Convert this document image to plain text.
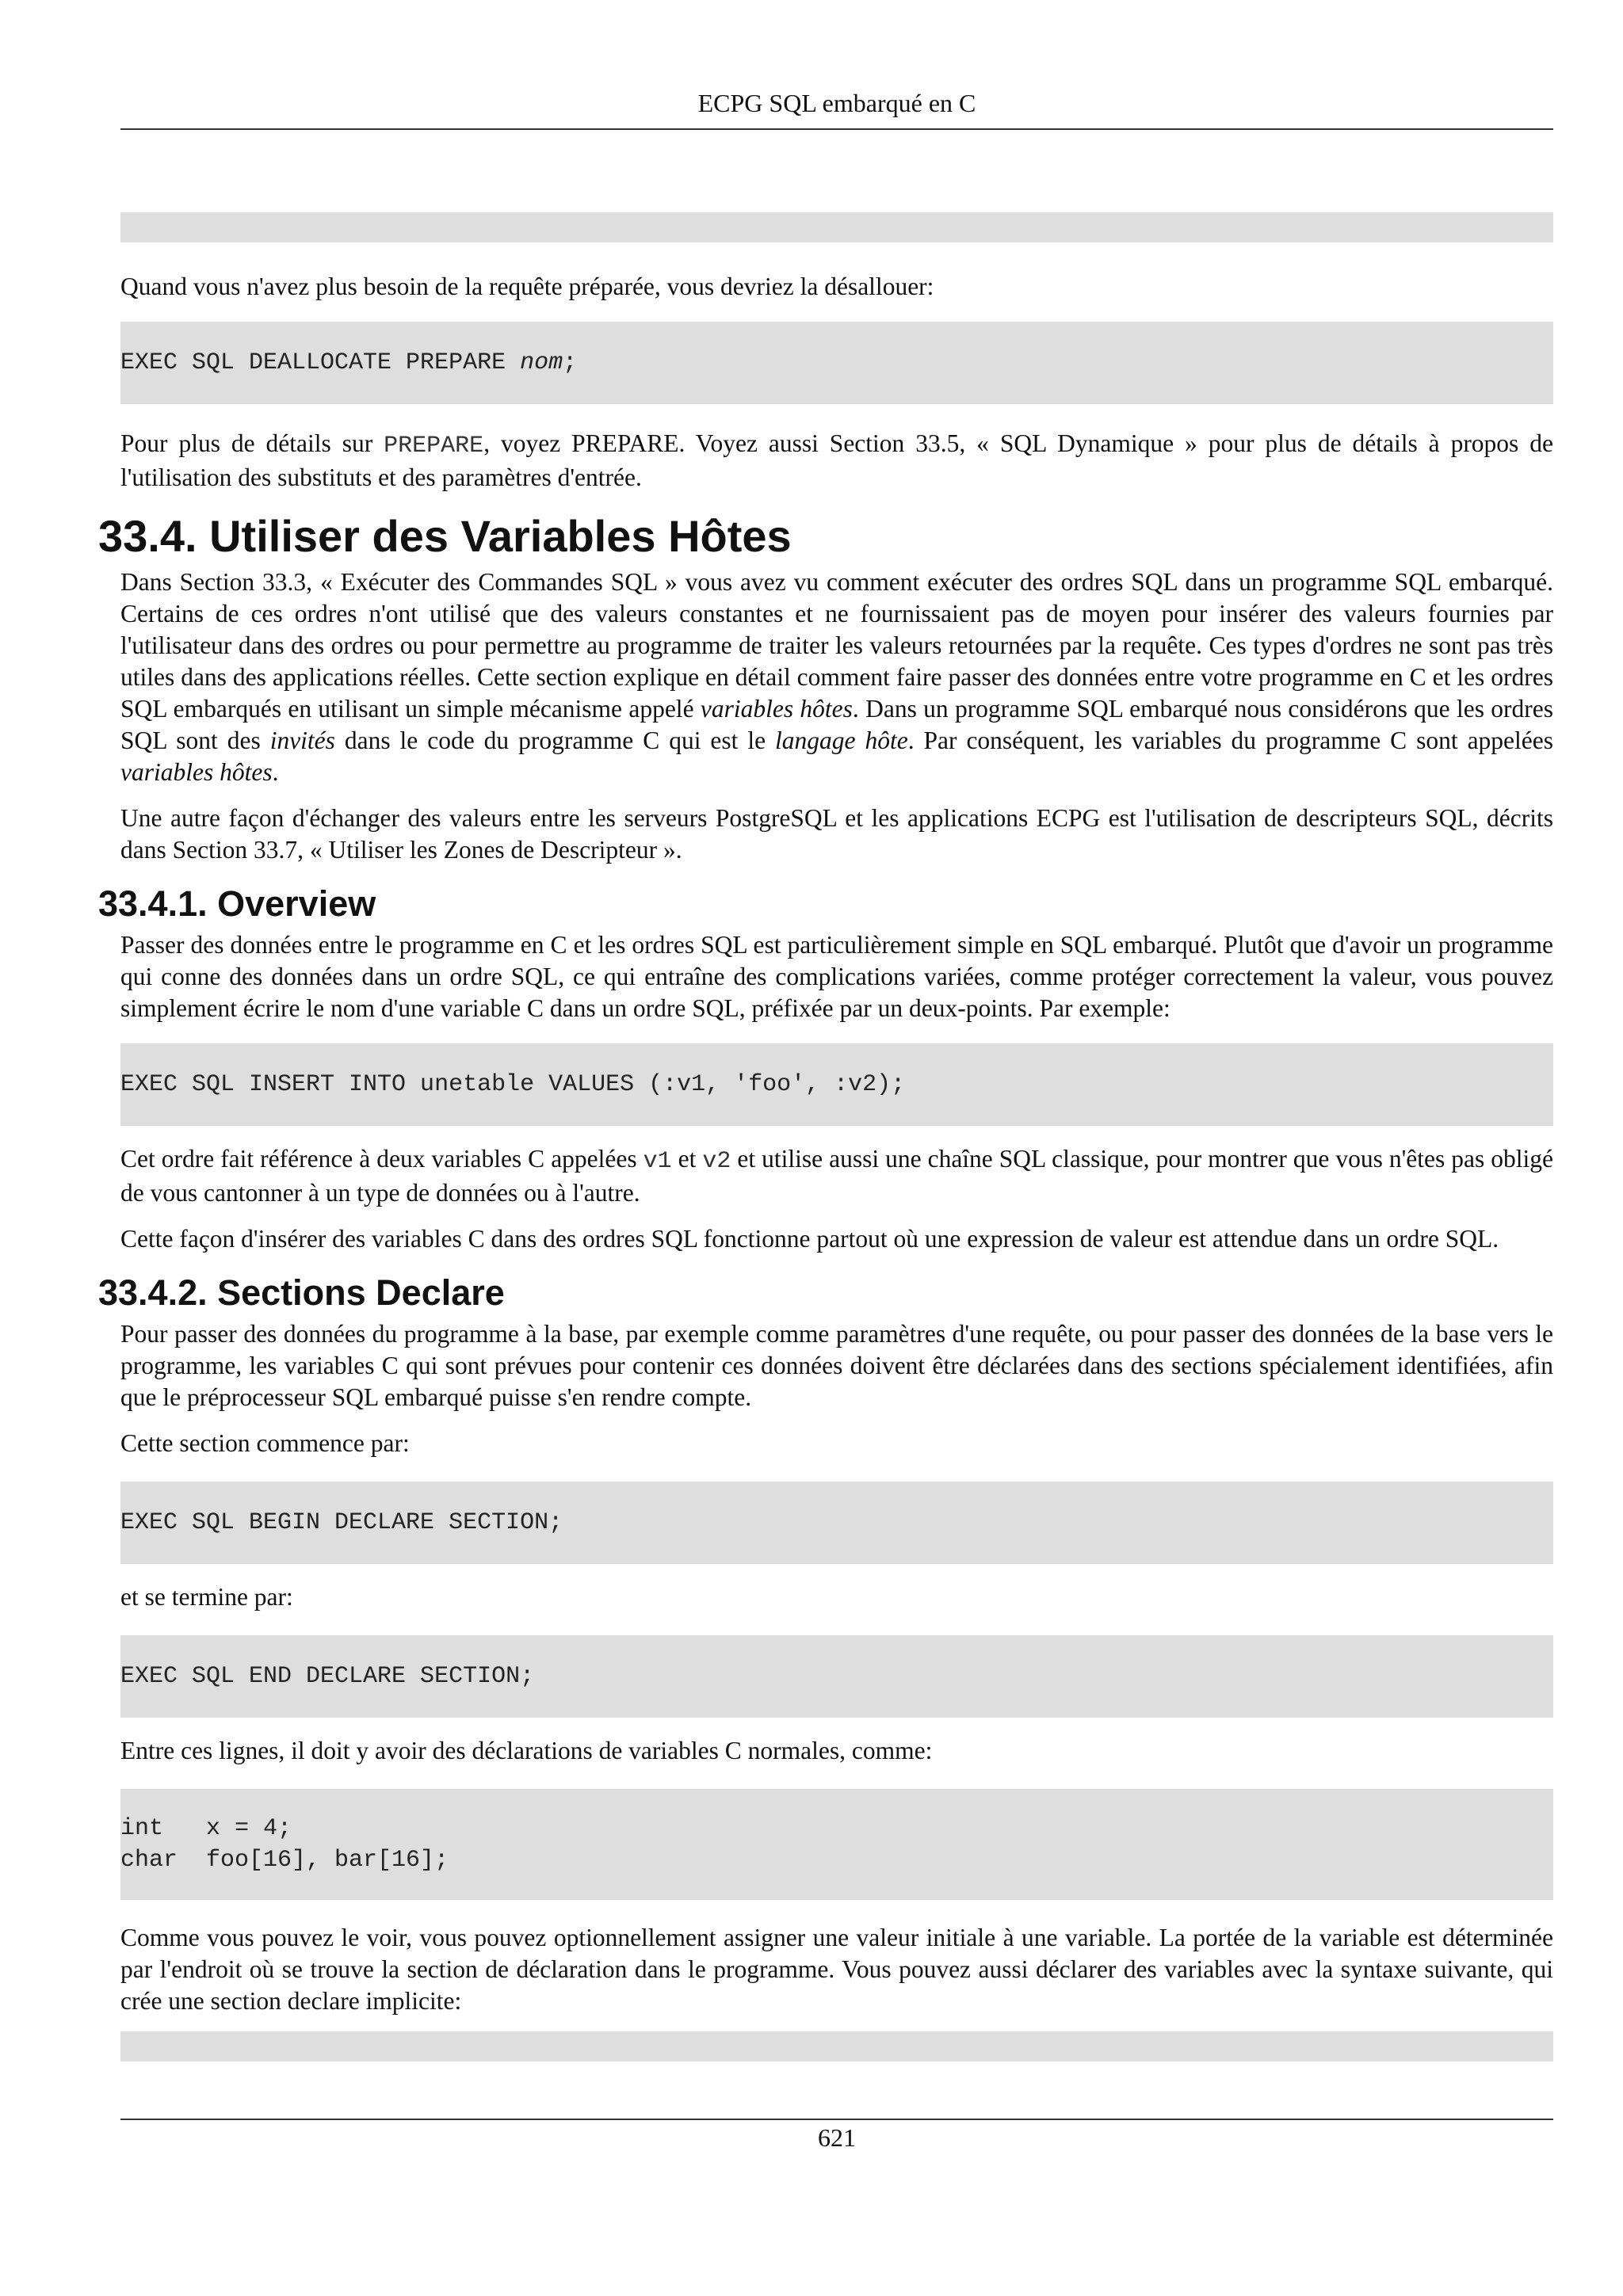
ECPG SQL embarqué en C

Quand vous n'avez plus besoin de la requête préparée, vous devriez la désallouer:

EXEC SQL DEALLOCATE PREPARE nom;

Pour plus de détails sur PREPARE, voyez PREPARE. Voyez aussi Section 33.5, « SQL Dynamique » pour plus de détails à propos de l'utilisation des substituts et des paramètres d'entrée.

33.4. Utiliser des Variables Hôtes

Dans Section 33.3, « Exécuter des Commandes SQL » vous avez vu comment exécuter des ordres SQL dans un programme SQL embarqué. Certains de ces ordres n'ont utilisé que des valeurs constantes et ne fournissaient pas de moyen pour insérer des valeurs fournies par l'utilisateur dans des ordres ou pour permettre au programme de traiter les valeurs retournées par la requête. Ces types d'ordres ne sont pas très utiles dans des applications réelles. Cette section explique en détail comment faire passer des données entre votre programme en C et les ordres SQL embarqués en utilisant un simple mécanisme appelé variables hôtes. Dans un programme SQL embarqué nous considérons que les ordres SQL sont des invités dans le code du programme C qui est le langage hôte. Par conséquent, les variables du programme C sont appelées variables hôtes.

Une autre façon d'échanger des valeurs entre les serveurs PostgreSQL et les applications ECPG est l'utilisation de descripteurs SQL, décrits dans Section 33.7, « Utiliser les Zones de Descripteur ».

33.4.1. Overview

Passer des données entre le programme en C et les ordres SQL est particulièrement simple en SQL embarqué. Plutôt que d'avoir un programme qui conne des données dans un ordre SQL, ce qui entraîne des complications variées, comme protéger correctement la valeur, vous pouvez simplement écrire le nom d'une variable C dans un ordre SQL, préfixée par un deux-points. Par exemple:

EXEC SQL INSERT INTO unetable VALUES (:v1, 'foo', :v2);

Cet ordre fait référence à deux variables C appelées v1 et v2 et utilise aussi une chaîne SQL classique, pour montrer que vous n'êtes pas obligé de vous cantonner à un type de données ou à l'autre.

Cette façon d'insérer des variables C dans des ordres SQL fonctionne partout où une expression de valeur est attendue dans un ordre SQL.

33.4.2. Sections Declare

Pour passer des données du programme à la base, par exemple comme paramètres d'une requête, ou pour passer des données de la base vers le programme, les variables C qui sont prévues pour contenir ces données doivent être déclarées dans des sections spécialement identifiées, afin que le préprocesseur SQL embarqué puisse s'en rendre compte.

Cette section commence par:

EXEC SQL BEGIN DECLARE SECTION;

et se termine par:

EXEC SQL END DECLARE SECTION;

Entre ces lignes, il doit y avoir des déclarations de variables C normales, comme:

int   x = 4;
char  foo[16], bar[16];

Comme vous pouvez le voir, vous pouvez optionnellement assigner une valeur initiale à une variable. La portée de la variable est déterminée par l'endroit où se trouve la section de déclaration dans le programme. Vous pouvez aussi déclarer des variables avec la syntaxe suivante, qui crée une section declare implicite:

621
